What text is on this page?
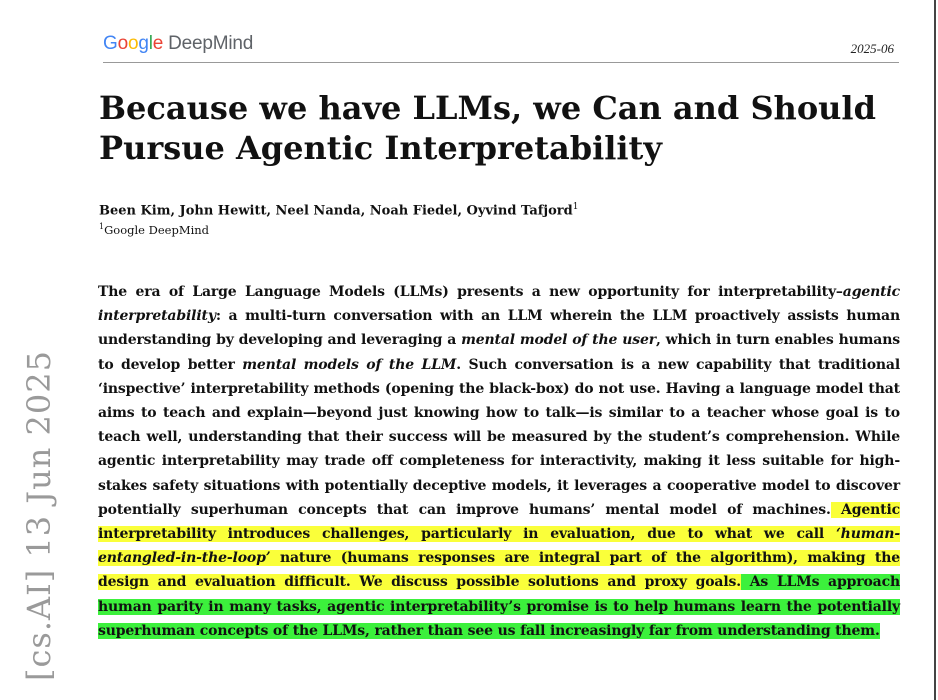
Google DeepMind	2025-06
Because we have LLMs, we Can and Should Pursue Agentic Interpretability
Been Kim, John Hewitt, Neel Nanda, Noah Fiedel, Oyvind Tafjord$^1$
$^1$Google DeepMind

The era of Large Language Models (LLMs) presents a new opportunity for interpretability–agentic interpretability: a multi-turn conversation with an LLM wherein the LLM proactively assists human understanding by developing and leveraging a mental model of the user, which in turn enables humans to develop better mental models of the LLM. Such conversation is a new capability that traditional ‘inspective’ interpretability methods (opening the black-box) do not use. Having a language model that aims to teach and explain—beyond just knowing how to talk—is similar to a teacher whose goal is to teach well, understanding that their success will be measured by the student’s comprehension. While agentic interpretability may trade off completeness for interactivity, making it less suitable for high-stakes safety situations with potentially deceptive models, it leverages a cooperative model to discover potentially superhuman concepts that can improve humans’ mental model of machines. Agentic interpretability introduces challenges, particularly in evaluation, due to what we call ‘human-entangled-in-the-loop’ nature (humans responses are integral part of the algorithm), making the design and evaluation difficult. We discuss possible solutions and proxy goals. As LLMs approach human parity in many tasks, agentic interpretability’s promise is to help humans learn the potentially superhuman concepts of the LLMs, rather than see us fall increasingly far from understanding them.

[cs.AI] 13 Jun 2025
